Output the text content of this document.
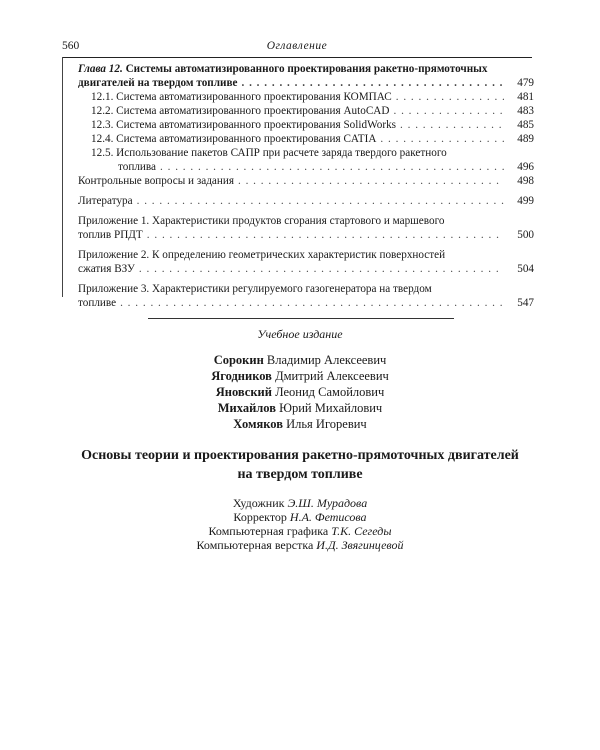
560	Оглавление
Глава 12. Системы автоматизированного проектирования ракетно-прямоточных
двигателей на твердом топливе . . .	479
12.1. Система автоматизированного проектирования КОМПАС . . .	481
12.2. Система автоматизированного проектирования AutoCAD . . .	483
12.3. Система автоматизированного проектирования SolidWorks . . .	485
12.4. Система автоматизированного проектирования CATIA . . .	489
12.5. Использование пакетов САПР при расчете заряда твердого ракетного
топлива . . .	496
Контрольные вопросы и задания . . .	498
Литература . . .	499
Приложение 1. Характеристики продуктов сгорания стартового и маршевого
топлив РПДТ . . .	500
Приложение 2. К определению геометрических характеристик поверхностей
сжатия ВЗУ . . .	504
Приложение 3. Характеристики регулируемого газогенератора на твердом
топливе . . .	547
Учебное издание
Сорокин Владимир Алексеевич
Ягодников Дмитрий Алексеевич
Яновский Леонид Самойлович
Михайлов Юрий Михайлович
Хомяков Илья Игоревич
Основы теории и проектирования ракетно-прямоточных двигателей
на твердом топливе
Художник Э.Ш. Мурадова
Корректор Н.А. Фетисова
Компьютерная графика Т.К. Сегеды
Компьютерная верстка И.Д. Звягинцевой
